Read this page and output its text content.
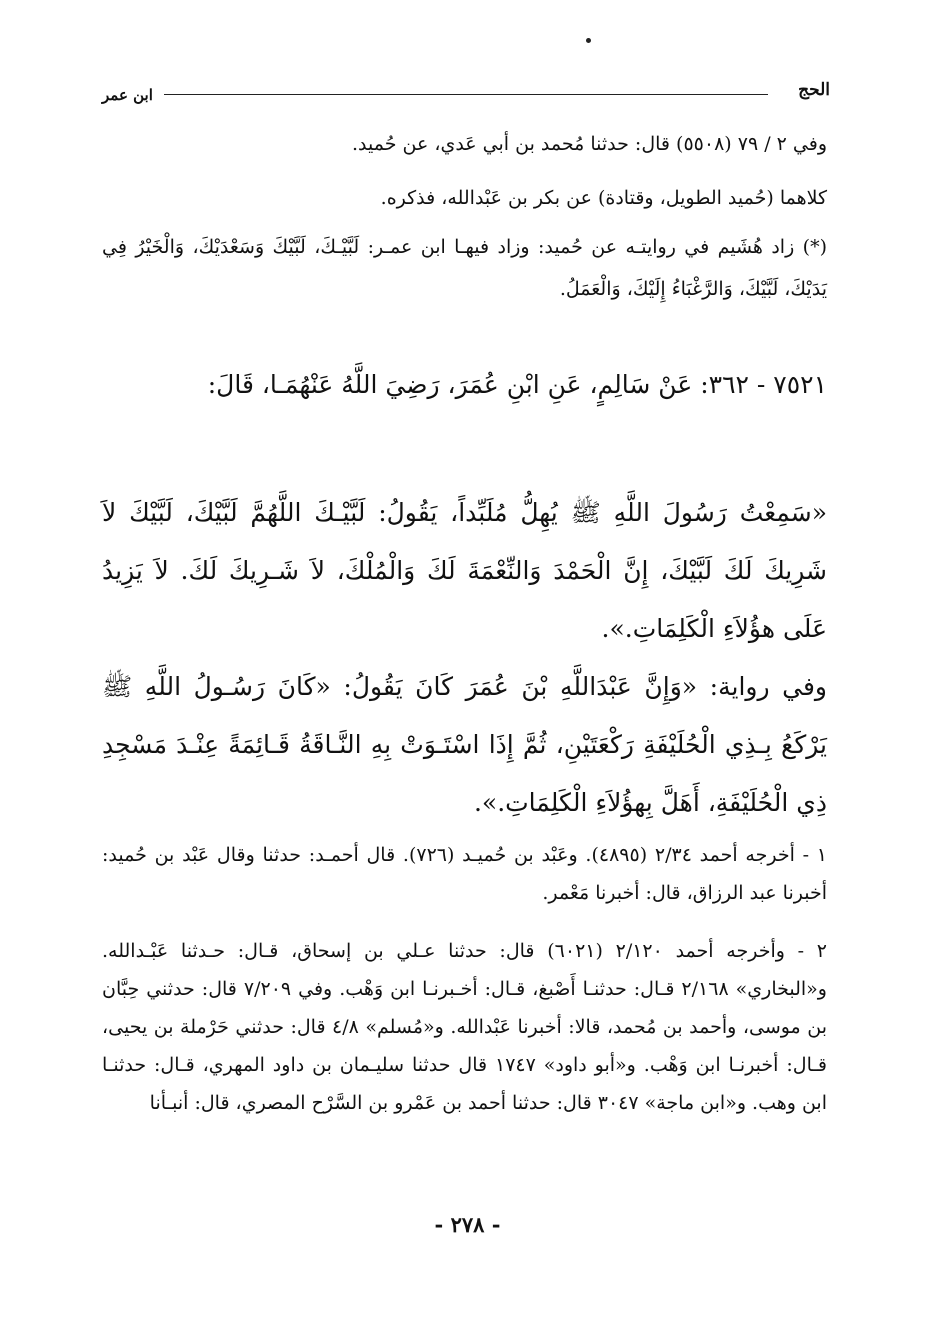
الحج
ابن عمر

وفي ٢ / ٧٩ (٥٥٠٨) قال: حدثنا مُحمد بن أبي عَدي، عن حُميد.

كلاهما (حُميد الطويل، وقتادة) عن بكر بن عَبْدالله، فذكره.

(*) زاد هُشَيم في روايتـه عن حُميد: وزاد فيهـا ابن عمـر: لَبَّيْـكَ، لَبَّيْكَ وَسَعْدَيْكَ، وَالْخَيْرُ فِي يَدَيْكَ، لَبَّيْكَ، وَالرَّغْبَاءُ إِلَيْكَ، وَالْعَمَلُ.

٧٥٢١ - ٣٦٢: عَنْ سَالِمٍ، عَنِ ابْنِ عُمَرَ، رَضِيَ اللَّهُ عَنْهُمَـا، قَالَ:

«سَمِعْتُ رَسُولَ اللَّهِ ﷺ يُهِلُّ مُلَبِّداً، يَقُولُ: لَبَّيْـكَ اللَّهُمَّ لَبَّيْكَ، لَبَّيْكَ لاَ شَرِيكَ لَكَ لَبَّيْكَ، إِنَّ الْحَمْدَ وَالنِّعْمَةَ لَكَ وَالْمُلْكَ، لاَ شَـرِيكَ لَكَ. لاَ يَزِيدُ عَلَى هؤُلاَءِ الْكَلِمَاتِ.».

وفي رواية: «وَإِنَّ عَبْدَاللَّهِ بْنَ عُمَرَ كَانَ يَقُولُ: «كَانَ رَسُـولُ اللَّهِ ﷺ يَرْكَعُ بِـذِي الْحُلَيْفَةِ رَكْعَتَيْنِ، ثُمَّ إِذَا اسْتَـوَتْ بِهِ النَّـاقَةُ قَـائِمَةً عِنْـدَ مَسْجِدِ ذِي الْحُلَيْفَةِ، أَهَلَّ بِهؤُلاَءِ الْكَلِمَاتِ.».

١ - أخرجه أحمد ٢/٣٤ (٤٨٩٥). وعَبْد بن حُميـد (٧٢٦). قال أحمـد: حدثنا وقال عَبْد بن حُميد: أخبرنا عبد الرزاق، قال: أخبرنا مَعْمر.

٢ - وأخرجه أحمد ٢/١٢٠ (٦٠٢١) قال: حدثنا عـلي بن إسحاق، قـال: حـدثنا عَبْـدالله. و«البخاري» ٢/١٦٨ قـال: حدثنـا أَصْبغ، قـال: أخـبرنـا ابن وَهْب. وفي ٧/٢٠٩ قال: حدثني حِبَّان بن موسى، وأحمد بن مُحمد، قالا: أخبرنا عَبْدالله. و«مُسلم» ٤/٨ قال: حدثني حَرْملة بن يحيى، قـال: أخبرنـا ابن وَهْب. و«أبو داود» ١٧٤٧ قال حدثنا سليـمان بن داود المهري، قـال: حدثنـا ابن وهب. و«ابن ماجة» ٣٠٤٧ قال: حدثنا أحمد بن عَمْرو بن السَّرْح المصري، قال: أنبـأنا

- ٢٧٨ -
